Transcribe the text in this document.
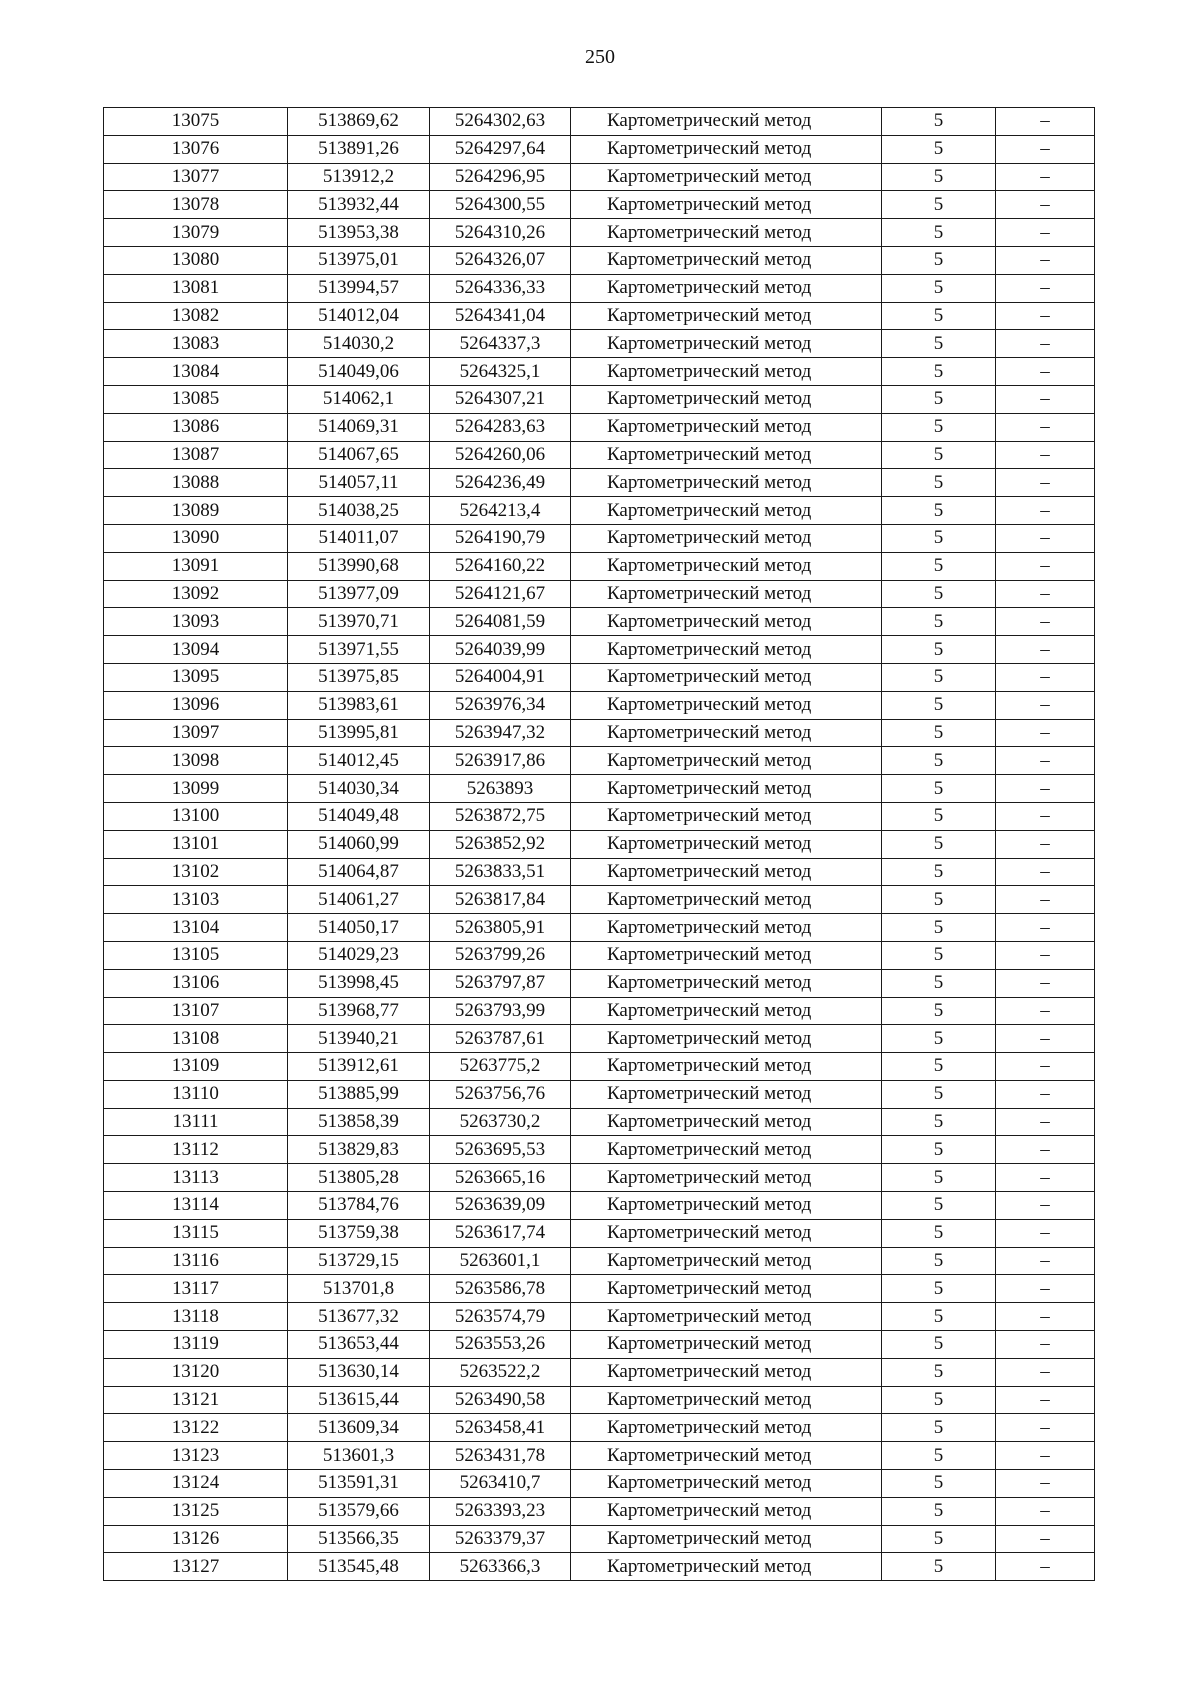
250
13075	513869,62	5264302,63	Картометрический метод	5	–
13076	513891,26	5264297,64	Картометрический метод	5	–
13077	513912,2	5264296,95	Картометрический метод	5	–
13078	513932,44	5264300,55	Картометрический метод	5	–
13079	513953,38	5264310,26	Картометрический метод	5	–
13080	513975,01	5264326,07	Картометрический метод	5	–
13081	513994,57	5264336,33	Картометрический метод	5	–
13082	514012,04	5264341,04	Картометрический метод	5	–
13083	514030,2	5264337,3	Картометрический метод	5	–
13084	514049,06	5264325,1	Картометрический метод	5	–
13085	514062,1	5264307,21	Картометрический метод	5	–
13086	514069,31	5264283,63	Картометрический метод	5	–
13087	514067,65	5264260,06	Картометрический метод	5	–
13088	514057,11	5264236,49	Картометрический метод	5	–
13089	514038,25	5264213,4	Картометрический метод	5	–
13090	514011,07	5264190,79	Картометрический метод	5	–
13091	513990,68	5264160,22	Картометрический метод	5	–
13092	513977,09	5264121,67	Картометрический метод	5	–
13093	513970,71	5264081,59	Картометрический метод	5	–
13094	513971,55	5264039,99	Картометрический метод	5	–
13095	513975,85	5264004,91	Картометрический метод	5	–
13096	513983,61	5263976,34	Картометрический метод	5	–
13097	513995,81	5263947,32	Картометрический метод	5	–
13098	514012,45	5263917,86	Картометрический метод	5	–
13099	514030,34	5263893	Картометрический метод	5	–
13100	514049,48	5263872,75	Картометрический метод	5	–
13101	514060,99	5263852,92	Картометрический метод	5	–
13102	514064,87	5263833,51	Картометрический метод	5	–
13103	514061,27	5263817,84	Картометрический метод	5	–
13104	514050,17	5263805,91	Картометрический метод	5	–
13105	514029,23	5263799,26	Картометрический метод	5	–
13106	513998,45	5263797,87	Картометрический метод	5	–
13107	513968,77	5263793,99	Картометрический метод	5	–
13108	513940,21	5263787,61	Картометрический метод	5	–
13109	513912,61	5263775,2	Картометрический метод	5	–
13110	513885,99	5263756,76	Картометрический метод	5	–
13111	513858,39	5263730,2	Картометрический метод	5	–
13112	513829,83	5263695,53	Картометрический метод	5	–
13113	513805,28	5263665,16	Картометрический метод	5	–
13114	513784,76	5263639,09	Картометрический метод	5	–
13115	513759,38	5263617,74	Картометрический метод	5	–
13116	513729,15	5263601,1	Картометрический метод	5	–
13117	513701,8	5263586,78	Картометрический метод	5	–
13118	513677,32	5263574,79	Картометрический метод	5	–
13119	513653,44	5263553,26	Картометрический метод	5	–
13120	513630,14	5263522,2	Картометрический метод	5	–
13121	513615,44	5263490,58	Картометрический метод	5	–
13122	513609,34	5263458,41	Картометрический метод	5	–
13123	513601,3	5263431,78	Картометрический метод	5	–
13124	513591,31	5263410,7	Картометрический метод	5	–
13125	513579,66	5263393,23	Картометрический метод	5	–
13126	513566,35	5263379,37	Картометрический метод	5	–
13127	513545,48	5263366,3	Картометрический метод	5	–
